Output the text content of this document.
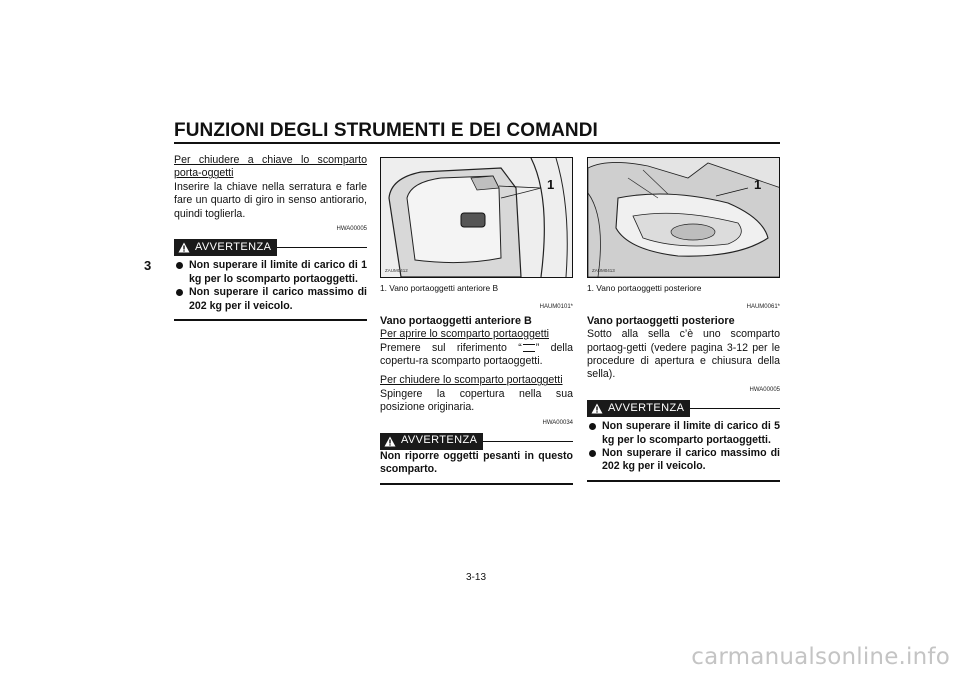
FUNZIONI DEGLI STRUMENTI E DEI COMANDI
3

Per chiudere a chiave lo scomparto porta-oggetti

Inserire la chiave nella serratura e farle fare un quarto di giro in senso antiorario, quindi toglierla.

HWA00005
AVVERTENZA
Non superare il limite di carico di 1 kg per lo scomparto portaoggetti.
Non superare il carico massimo di 202 kg per il veicolo.
ZAUM0412
1
1. Vano portaoggetti anteriore B
HAUM0101*
Vano portaoggetti anteriore B

Per aprire lo scomparto portaoggetti

Premere sul riferimento “ ” della copertu-ra scomparto portaoggetti.

Per chiudere lo scomparto portaoggetti

Spingere la copertura nella sua posizione originaria.

HWA00034
AVVERTENZA

Non riporre oggetti pesanti in questo scomparto.

ZAUM0413
1
1. Vano portaoggetti posteriore
HAUM0061*
Vano portaoggetti posteriore

Sotto alla sella c’è uno scomparto portaog-getti (vedere pagina 3-12 per le procedure di apertura e chiusura della sella).

HWA00005
AVVERTENZA
Non superare il limite di carico di 5 kg per lo scomparto portaoggetti.
Non superare il carico massimo di 202 kg per il veicolo.
3-13
carmanualsonline.info
